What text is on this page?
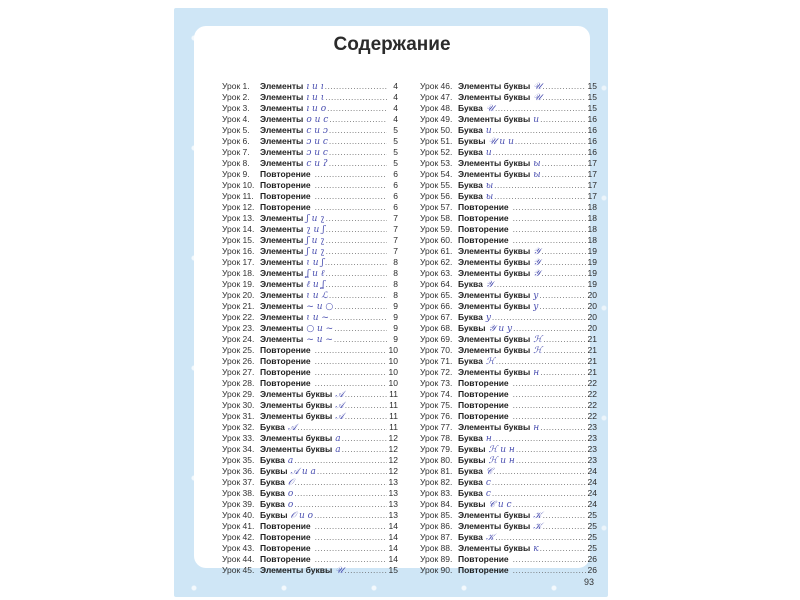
Содержание
Урок 1.	Элементы ı и ı .....	4
Урок 2.	Элементы ı и ι .....	4
Урок 3.	Элементы ı и o .....	4
Урок 4.	Элементы o и c .....	4
Урок 5.	Элементы c и ɔ .....	5
Урок 6.	Элементы ɔ и c .....	5
Урок 7.	Элементы ɔ и c .....	5
Урок 8.	Элементы c и ʔ .....	5
Урок 9.	Повторение .....	6
Урок 10. Повторение .....	6
Урок 11. Повторение .....	6
Урок 12. Повторение .....	6
Урок 13. Элементы ʃ и ʅ .....	7
Урок 14. Элементы ʅ и ʃ .....	7
Урок 15. Элементы ʃ и ʅ .....	7
Урок 16. Элементы ʃ и ʅ .....	7
Урок 17. Элементы ɩ и ʃ .....	8
Урок 18. Элементы ʆ и ℓ .....	8
Урок 19. Элементы ℓ и ʆ .....	8
Урок 20. Элементы ɩ и ℒ .....	8
Урок 21. Элементы ~ и ○ .....	9
Урок 22. Элементы ɩ и ~ .....	9
Урок 23. Элементы ○ и ~ .....	9
Урок 24. Элементы ~ и ~ .....	9
Урок 25. Повторение .....	10
Урок 26. Повторение .....	10
Урок 27. Повторение .....	10
Урок 28. Повторение .....	10
Урок 29. Элементы буквы 𝒜 .....	11
Урок 30. Элементы буквы 𝒜 .....	11
Урок 31. Элементы буквы 𝒜 .....	11
Урок 32. Буква 𝒜 .....	11
Урок 33. Элементы буквы a .....	12
Урок 34. Элементы буквы a .....	12
Урок 35. Буква a .....	12
Урок 36. Буквы 𝒜 и a .....	12
Урок 37. Буква 𝒪 .....	13
Урок 38. Буква o .....	13
Урок 39. Буква o .....	13
Урок 40. Буквы 𝒪 и o .....	13
Урок 41. Повторение .....	14
Урок 42. Повторение .....	14
Урок 43. Повторение .....	14
Урок 44. Повторение .....	14
Урок 45. Элементы буквы 𝒰 .....	15
Урок 46. Элементы буквы 𝒰 .....	15
Урок 47. Элементы буквы 𝒰 .....	15
Урок 48. Буква 𝒰 .....	15
Урок 49. Элементы буквы u .....	16
Урок 50. Буква u .....	16
Урок 51. Буквы 𝒰 и u .....	16
Урок 52. Буква u .....	16
Урок 53. Элементы буквы ы .....	17
Урок 54. Элементы буквы ы .....	17
Урок 55. Буква ы .....	17
Урок 56. Буква ы .....	17
Урок 57. Повторение .....	18
Урок 58. Повторение .....	18
Урок 59. Повторение .....	18
Урок 60. Повторение .....	18
Урок 61. Элементы буквы 𝒴 .....	19
Урок 62. Элементы буквы 𝒴 .....	19
Урок 63. Элементы буквы 𝒴 .....	19
Урок 64. Буква 𝒴 .....	19
Урок 65. Элементы буквы y .....	20
Урок 66. Элементы буквы y .....	20
Урок 67. Буква y .....	20
Урок 68. Буквы 𝒴 и y .....	20
Урок 69. Элементы буквы ℋ .....	21
Урок 70. Элементы буквы ℋ .....	21
Урок 71. Буква ℋ .....	21
Урок 72. Элементы буквы н .....	21
Урок 73. Повторение .....	22
Урок 74. Повторение .....	22
Урок 75. Повторение .....	22
Урок 76. Повторение .....	22
Урок 77. Элементы буквы н .....	23
Урок 78. Буква н .....	23
Урок 79. Буквы ℋ и н .....	23
Урок 80. Буквы ℋ и н .....	23
Урок 81. Буква 𝒞 .....	24
Урок 82. Буква c .....	24
Урок 83. Буква c .....	24
Урок 84. Буквы 𝒞 и c .....	24
Урок 85. Элементы буквы 𝒦 .....	25
Урок 86. Элементы буквы 𝒦 .....	25
Урок 87. Буква 𝒦 .....	25
Урок 88. Элементы буквы к .....	25
Урок 89. Повторение .....	26
Урок 90. Повторение .....	26
93
